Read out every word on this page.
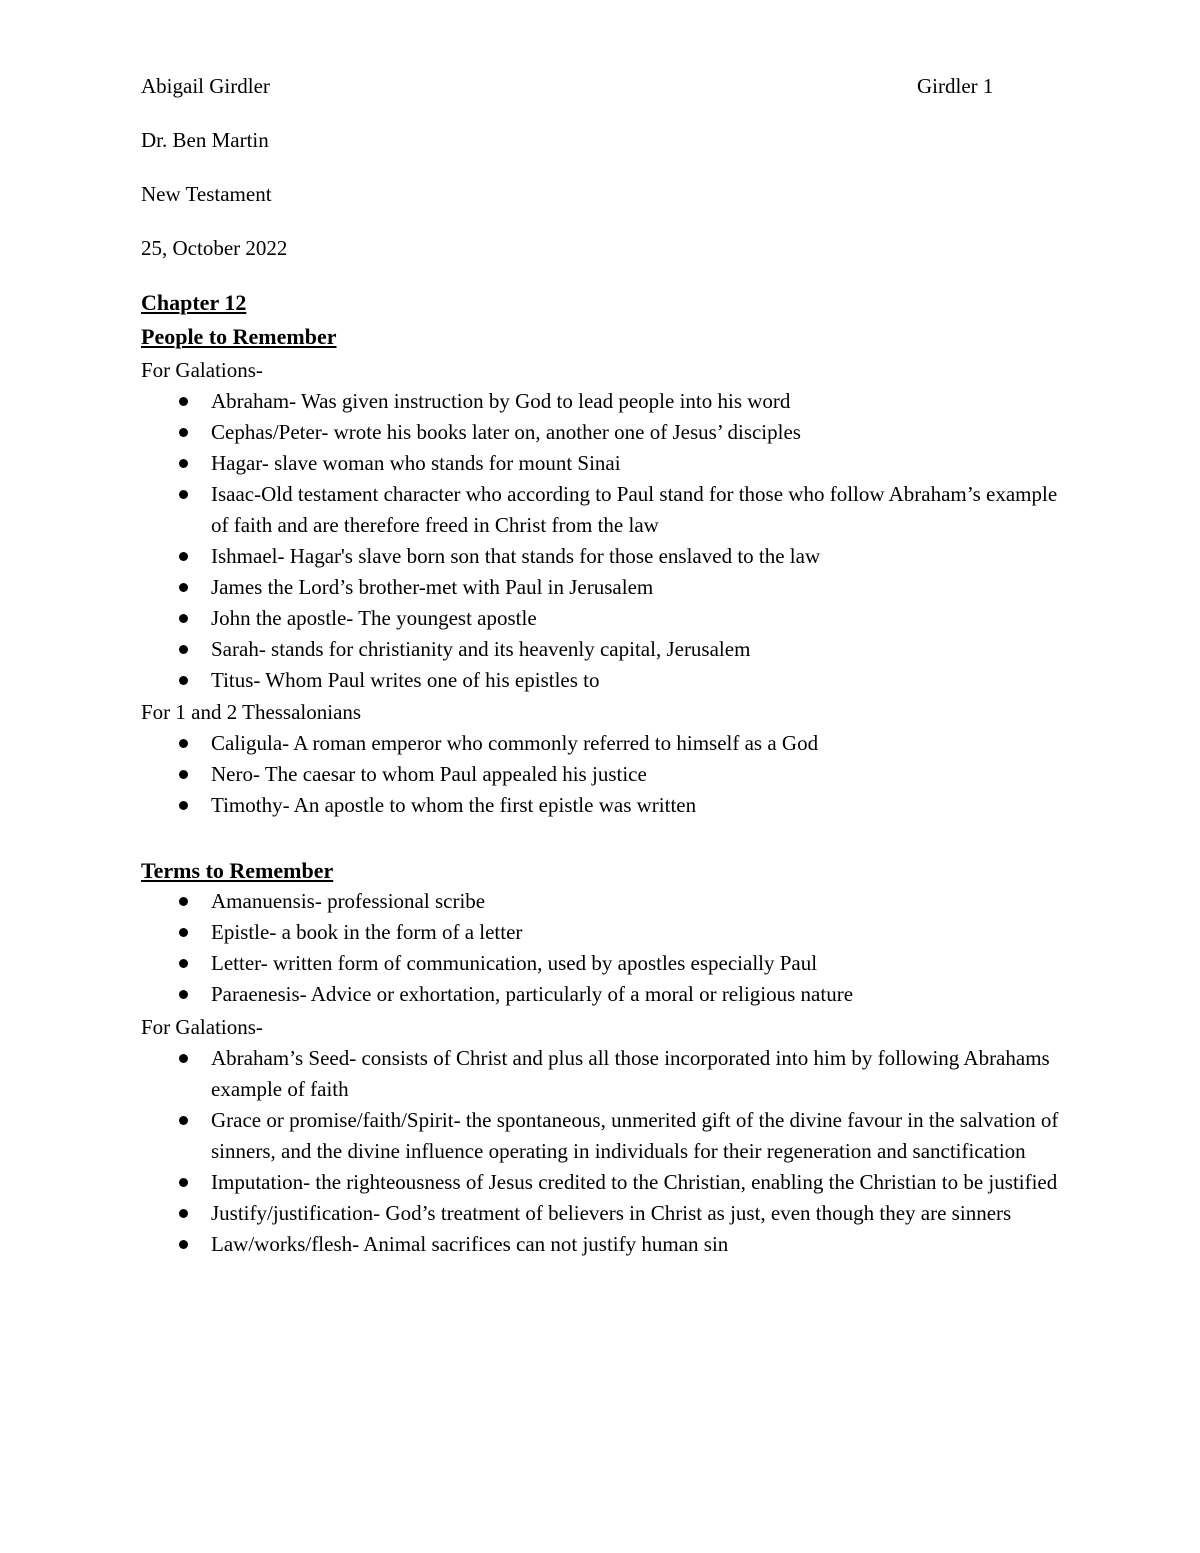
Abigail Girdler	Girdler 1
Dr. Ben Martin
New Testament
25, October 2022
Chapter 12
People to Remember
For Galations-
Abraham- Was given instruction by God to lead people into his word
Cephas/Peter- wrote his books later on, another one of Jesus’ disciples
Hagar- slave woman who stands for mount Sinai
Isaac-Old testament character who according to Paul stand for those who follow Abraham’s example of faith and are therefore freed in Christ from the law
Ishmael- Hagar's slave born son that stands for those enslaved to the law
James the Lord’s brother-met with Paul in Jerusalem
John the apostle- The youngest apostle
Sarah- stands for christianity and its heavenly capital, Jerusalem
Titus- Whom Paul writes one of his epistles to
For 1 and 2 Thessalonians
Caligula- A roman emperor who commonly referred to himself as a God
Nero- The caesar to whom Paul appealed his justice
Timothy- An apostle to whom the first epistle was written
Terms to Remember
Amanuensis- professional scribe
Epistle- a book in the form of a letter
Letter- written form of communication, used by apostles especially Paul
Paraenesis- Advice or exhortation, particularly of a moral or religious nature
For Galations-
Abraham’s Seed- consists of Christ and plus all those incorporated into him by following Abrahams example of faith
Grace or promise/faith/Spirit- the spontaneous, unmerited gift of the divine favour in the salvation of sinners, and the divine influence operating in individuals for their regeneration and sanctification
Imputation- the righteousness of Jesus credited to the Christian, enabling the Christian to be justified
Justify/justification- God’s treatment of believers in Christ as just, even though they are sinners
Law/works/flesh- Animal sacrifices can not justify human sin
